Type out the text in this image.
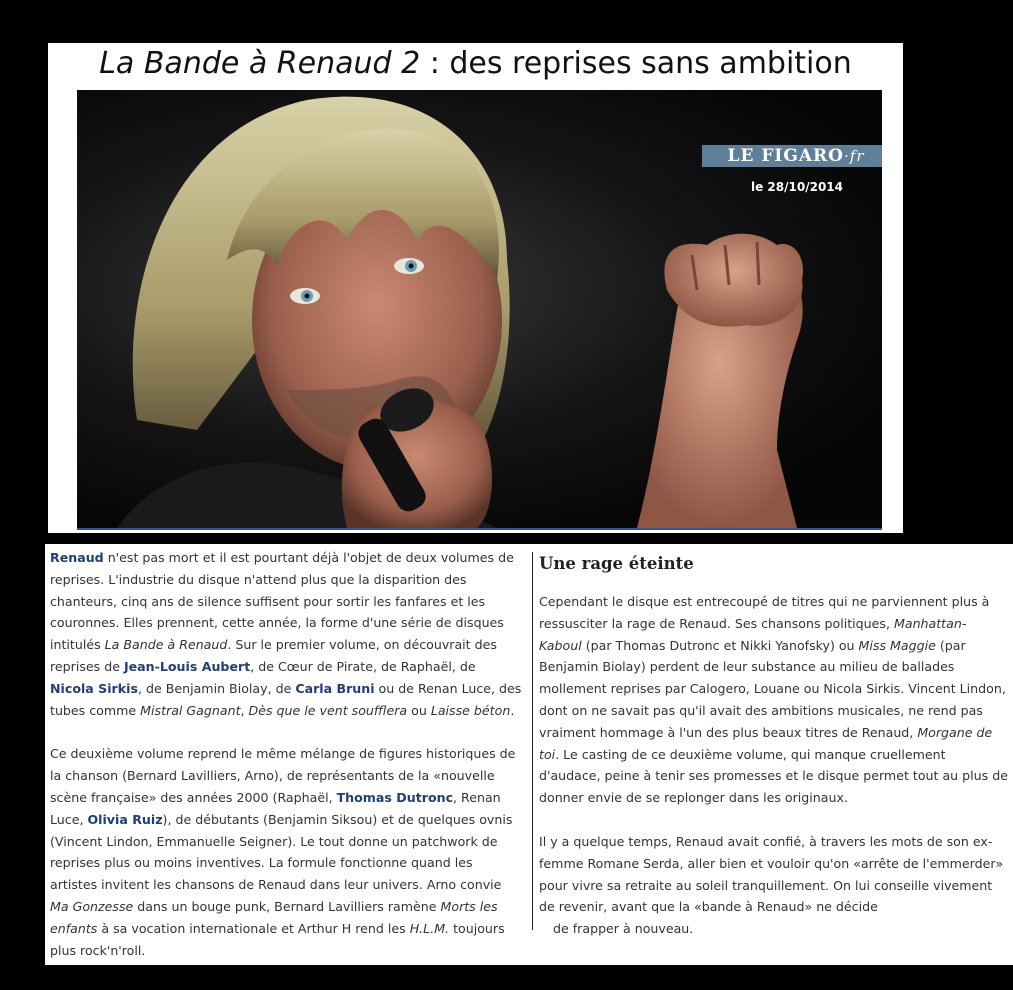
La Bande à Renaud 2 : des reprises sans ambition
LE FIGARO·fr
le 28/10/2014

Renaud n'est pas mort et il est pourtant déjà l'objet de deux volumes de reprises. L'industrie du disque n'attend plus que la disparition des chanteurs, cinq ans de silence suffisent pour sortir les fanfares et les couronnes. Elles prennent, cette année, la forme d'une série de disques intitulés La Bande à Renaud. Sur le premier volume, on découvrait des reprises de Jean-Louis Aubert, de Cœur de Pirate, de Raphaël, de Nicola Sirkis, de Benjamin Biolay, de Carla Bruni ou de Renan Luce, des tubes comme Mistral Gagnant, Dès que le vent soufflera ou Laisse béton.

Ce deuxième volume reprend le même mélange de figures historiques de la chanson (Bernard Lavilliers, Arno), de représentants de la «nouvelle scène française» des années 2000 (Raphaël, Thomas Dutronc, Renan Luce, Olivia Ruiz), de débutants (Benjamin Siksou) et de quelques ovnis (Vincent Lindon, Emmanuelle Seigner). Le tout donne un patchwork de reprises plus ou moins inventives. La formule fonctionne quand les artistes invitent les chansons de Renaud dans leur univers. Arno convie Ma Gonzesse dans un bouge punk, Bernard Lavilliers ramène Morts les enfants à sa vocation internationale et Arthur H rend les H.L.M. toujours plus rock'n'roll.

Une rage éteinte

Cependant le disque est entrecoupé de titres qui ne parviennent plus à ressusciter la rage de Renaud. Ses chansons politiques, Manhattan-Kaboul (par Thomas Dutronc et Nikki Yanofsky) ou Miss Maggie (par Benjamin Biolay) perdent de leur substance au milieu de ballades mollement reprises par Calogero, Louane ou Nicola Sirkis. Vincent Lindon, dont on ne savait pas qu'il avait des ambitions musicales, ne rend pas vraiment hommage à l'un des plus beaux titres de Renaud, Morgane de toi. Le casting de ce deuxième volume, qui manque cruellement d'audace, peine à tenir ses promesses et le disque permet tout au plus de donner envie de se replonger dans les originaux.

Il y a quelque temps, Renaud avait confié, à travers les mots de son ex-femme Romane Serda, aller bien et vouloir qu'on «arrête de l'emmerder» pour vivre sa retraite au soleil tranquillement. On lui conseille vivement de revenir, avant que la «bande à Renaud» ne décide
de frapper à nouveau.
